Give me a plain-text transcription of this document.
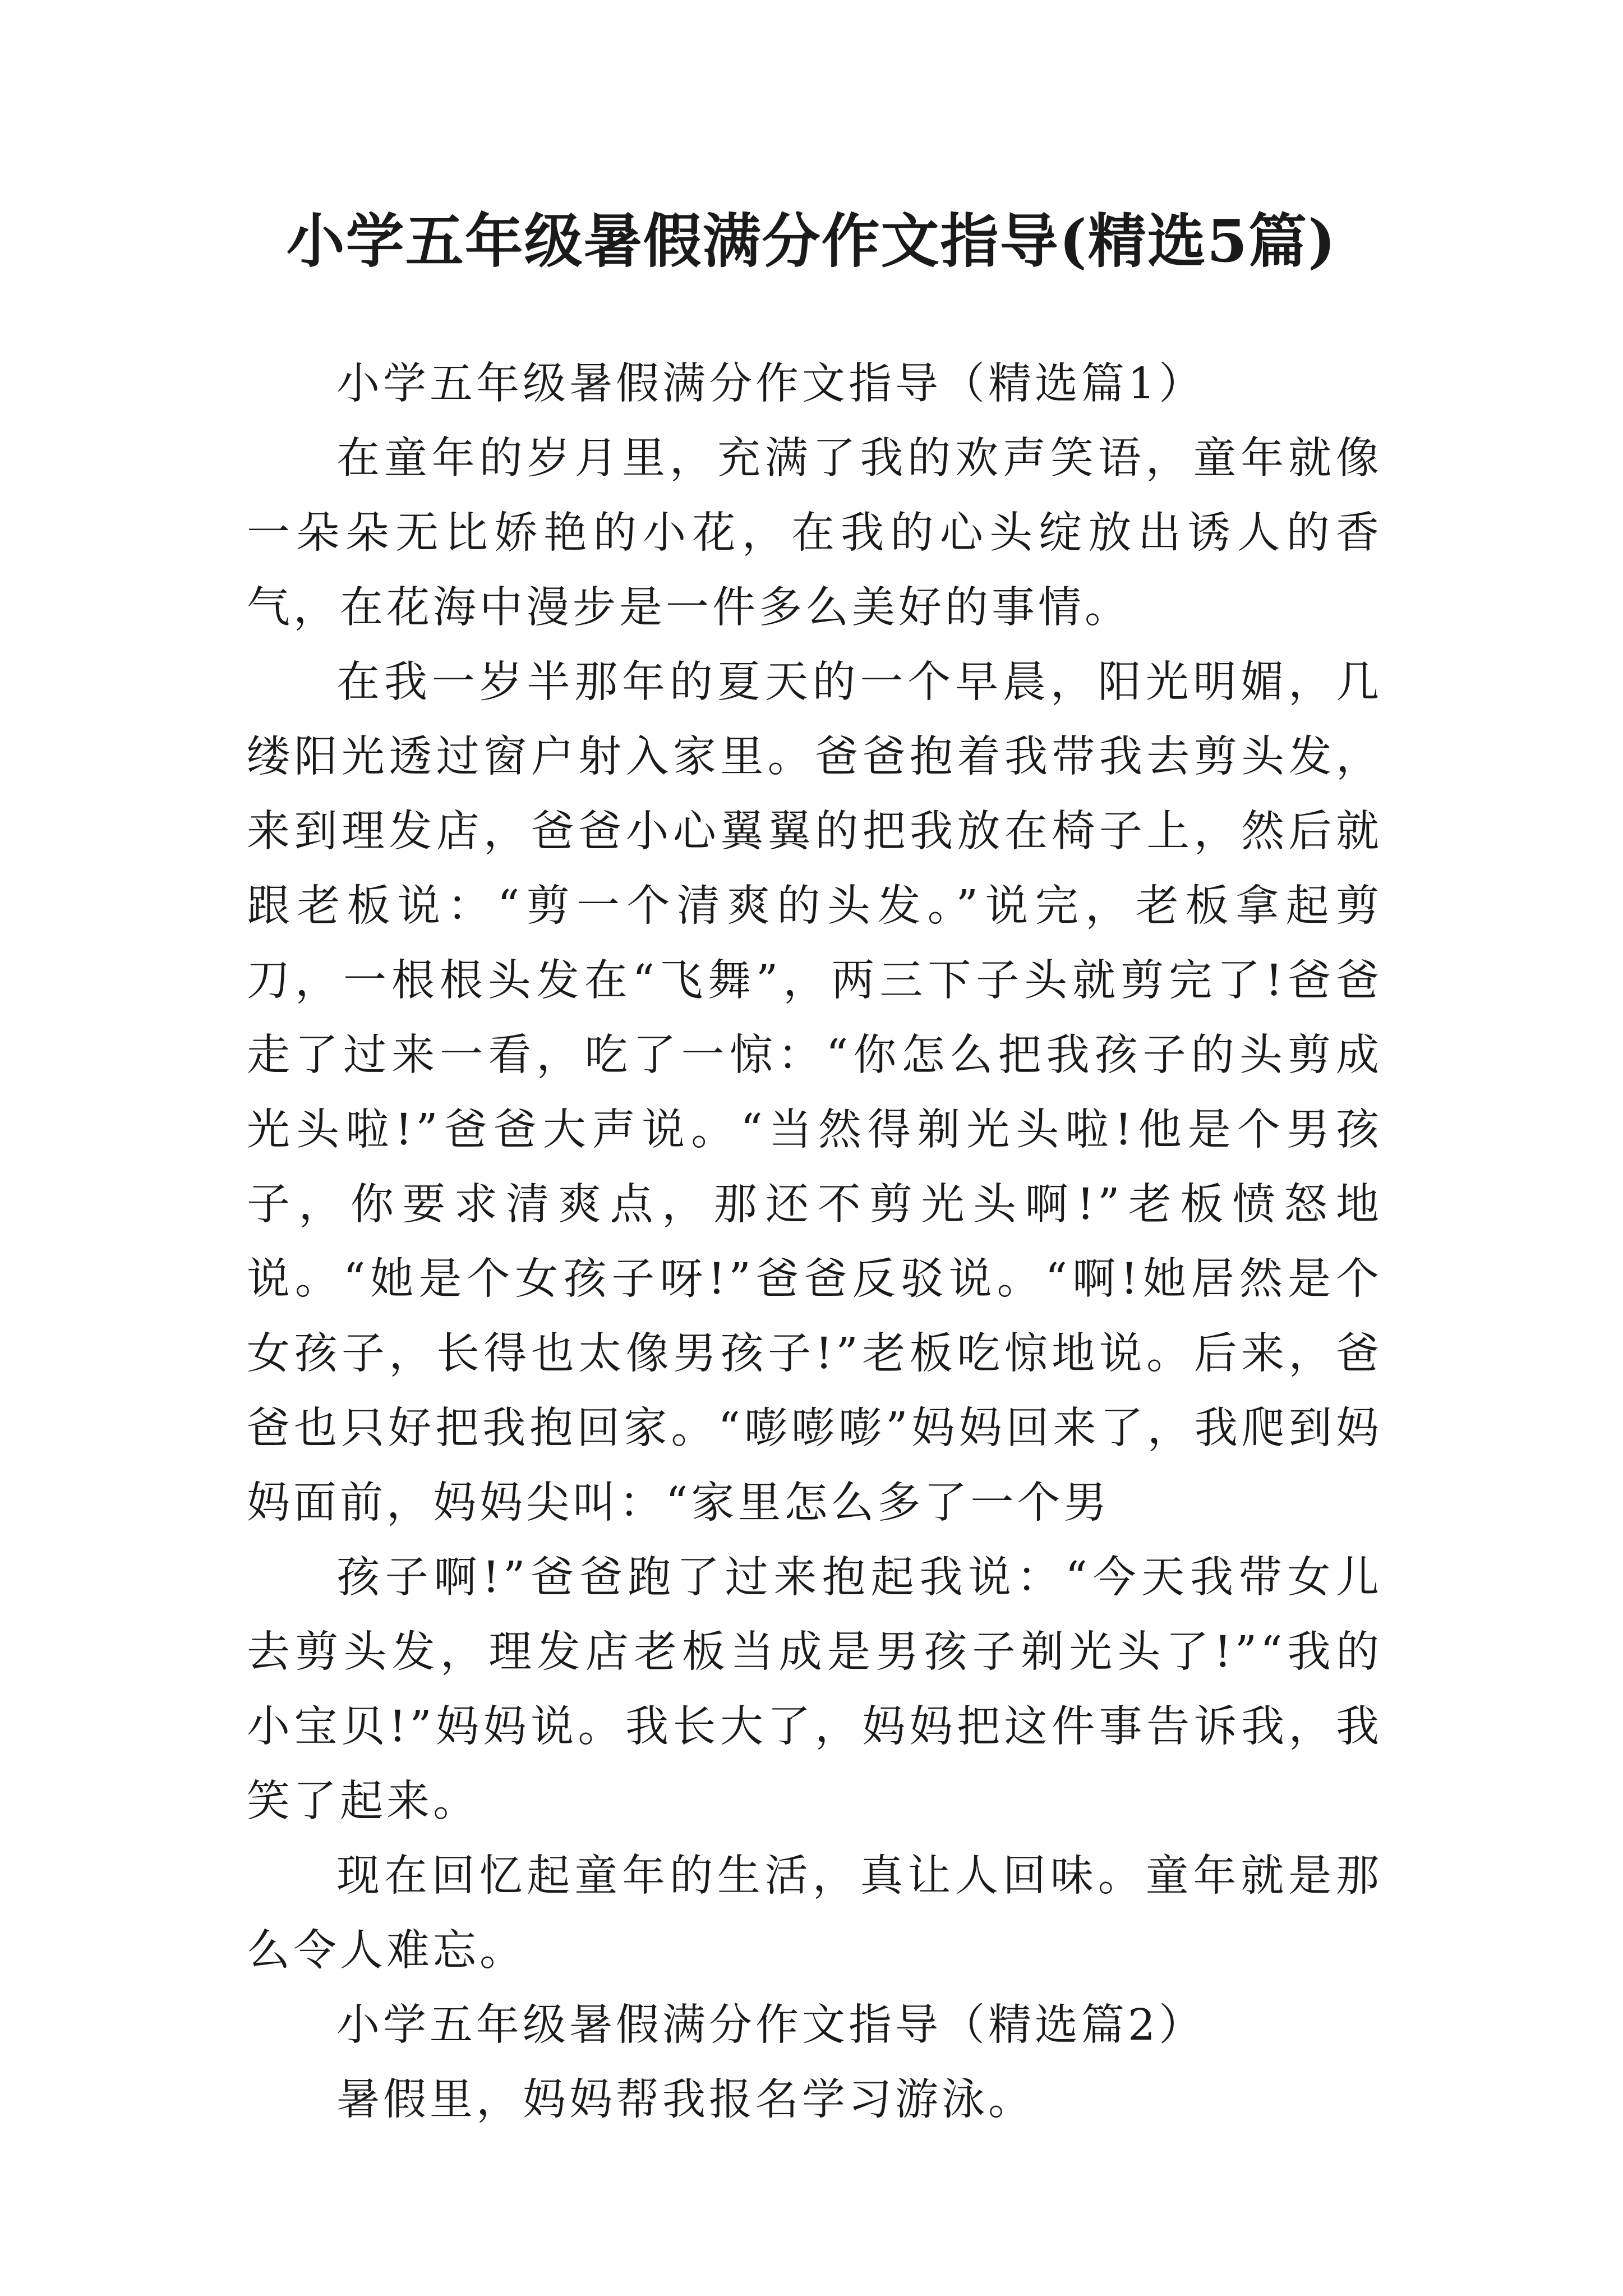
小学五年级暑假满分作文指导(精选5篇)

小学五年级暑假满分作文指导（精选篇1）

在童年的岁月里，充满了我的欢声笑语，童年就像一朵朵无比娇艳的小花，在我的心头绽放出诱人的香气，在花海中漫步是一件多么美好的事情。

在我一岁半那年的夏天的一个早晨，阳光明媚，几缕阳光透过窗户射入家里。爸爸抱着我带我去剪头发，来到理发店，爸爸小心翼翼的把我放在椅子上，然后就跟老板说：“剪一个清爽的头发。”说完，老板拿起剪刀，一根根头发在“飞舞”，两三下子头就剪完了!爸爸走了过来一看，吃了一惊：“你怎么把我孩子的头剪成光头啦!”爸爸大声说。“当然得剃光头啦!他是个男孩子，你要求清爽点，那还不剪光头啊!”老板愤怒地说。“她是个女孩子呀!”爸爸反驳说。“啊!她居然是个女孩子，长得也太像男孩子!”老板吃惊地说。后来，爸爸也只好把我抱回家。“嘭嘭嘭”妈妈回来了，我爬到妈妈面前，妈妈尖叫：“家里怎么多了一个男

孩子啊!”爸爸跑了过来抱起我说：“今天我带女儿去剪头发，理发店老板当成是男孩子剃光头了!”“我的小宝贝!”妈妈说。我长大了，妈妈把这件事告诉我，我笑了起来。

现在回忆起童年的生活，真让人回味。童年就是那么令人难忘。

小学五年级暑假满分作文指导（精选篇2）

暑假里，妈妈帮我报名学习游泳。
